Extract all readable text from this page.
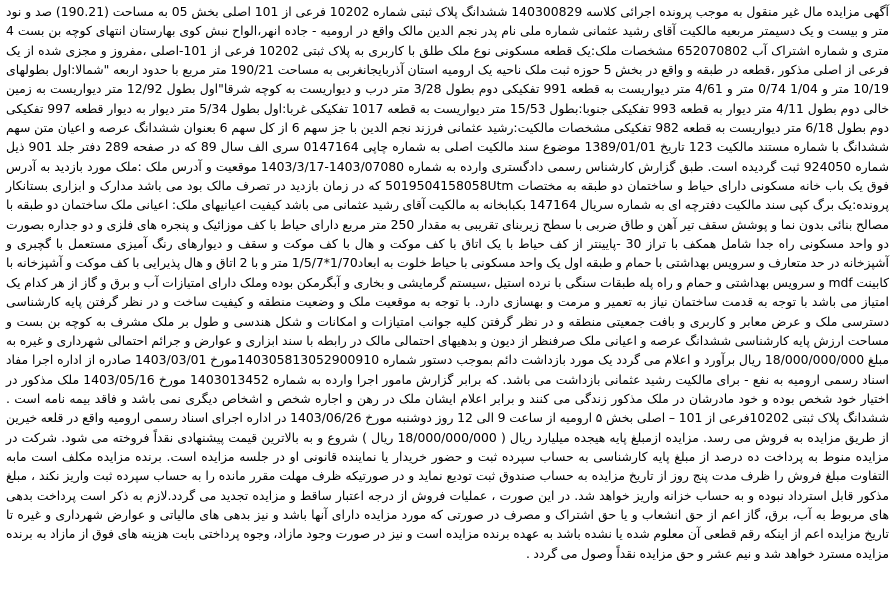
آگهی مزایده مال غیر منقول به موجب پرونده اجرائی کلاسه 140300829 ششدانگ پلاک ثبتی شماره 10202 فرعی از 101 اصلی بخش 05 به مساحت (190.21) صد و نود متر و بیست و یک دسیمتر مربعیه مالکیت آقای رشید عثمانی شماره ملی نام پدر نجم الدین مالک واقع در ارومیه - جاده انهر،الواح نبش کوی بهارستان انتهای کوچه بن بست 4 متری و شماره اشتراک آب 652070802 مشخصات ملک:یک قطعه مسکونی نوع ملک طلق با کاربری به پلاک ثبتی 10202 فرعی از 101-اصلی ،مفروز و مجزی شده از یک فرعی از اصلی مذکور ،قطعه در طبقه و واقع در بخش 5 حوزه ثبت ملک ناحیه یک ارومیه استان آذربایجانغربی به مساحت 190/21 متر مربع با حدود اربعه "شمالا:اول بطولهای 10/19 متر و 1/04 0/74 متر و 4/61 متر دیواریست به قطعه 991 تفکیکی دوم بطول 3/28 متر درب و دیواریست به کوچه شرقا"اول بطول 12/92 متر دیواریست به زمین خالی دوم بطول 4/11 متر دیوار به قطعه 993 تفکیکی جنوبا:بطول 15/53 متر دیواریست به قطعه 1017 تفکیکی غربا:اول بطول 5/34 متر دیوار به دیوار قطعه 997 تفکیکی دوم بطول 6/18 متر دیواریست به قطعه 982 تفکیکی مشخصات مالکیت:رشید عثمانی فرزند نجم الدین با جز سهم 6 از کل سهم 6 بعنوان ششدانگ عرصه و اعیان متن سهم ششدانگ با شماره مستند مالکیت 123 تاریخ 1389/01/01 موضوع سند مالکیت اصلی به شماره چاپی 0147164 سری الف سال 89 که در صفحه 289 دفتر جلد 901 ذیل شماره 924050 ثبت گردیده است. طبق گزارش کارشناس رسمی دادگستری وارده به شماره 1403/07080-1403/3/17 موقعیت و آدرس ملک :ملک مورد بازدید به آدرس فوق یک باب خانه مسکونی دارای حیاط و ساختمان دو طبقه به مختصات 5019504158058Utm که در زمان بازدید در تصرف مالک بود می باشد مدارک و ابزاری بستانکار پرونده:یک برگ کپی سند مالکیت دفترچه ای به شماره سریال 147164 بکبابخانه به مالکیت آقای رشید عثمانی می باشد کیفیت اعیانیهای ملک: اعیانی ملک ساختمان دو طبقه با مصالح بنائی بدون نما و پوشش سقف تیر آهن و طاق ضربی با سطح زیربنای تقریبی به مقدار 250 متر مربع دارای حیاط با کف موزائیک و پنجره های فلزی و دو جداره بصورت دو واحد مسکونی راه جدا شامل همکف با تراز 30 -پایینتر از کف حیاط با یک اتاق با کف موکت و هال با کف موکت و سقف و دیوارهای رنگ آمیزی مستعمل با گچبری و آشپزخانه در حد متعارف و سرویس بهداشتی با حمام و طبقه اول یک واحد مسکونی با حیاط خلوت به ابعاد1/70*1/5/7 متر و با 2 اتاق و هال پذیرایی با کف موکت و آشپزخانه با کابینت mdf و سرویس بهداشتی و حمام و راه پله طبقات سنگی با نرده استیل ،سیستم گرمایشی و بخاری و آبگرمکن بوده وملک دارای امتیازات آب و برق و گاز از هر کدام یک امتیاز می باشد با توجه به قدمت ساختمان نیاز به تعمیر و مرمت و بهسازی دارد. با توجه به موقعیت ملک و وضعیت منطقه و کیفیت ساخت و در نظر گرفتن پایه کارشناسی دسترسی ملک و عرض معابر و کاربری و بافت جمعیتی منطقه و در نظر گرفتن کلیه جوانب امتیازات و امکانات و شکل هندسی و طول بر ملک مشرف به کوچه بن بست و مساحت ارزش پایه کارشناسی ششدانگ عرصه و اعیانی ملک صرفنظر از دیون و بدهیهای احتمالی مالک در رابطه با سند ابزاری و عوارض و جرائم احتمالی شهرداری و غیره به مبلغ 18/000/000/000 ریال برآورد و اعلام می گردد یک مورد بازداشت دائم بموجب دستور شماره 140305813052900910مورخ 1403/03/01 صادره از اداره اجرا مفاد اسناد رسمی ارومیه به نفع - برای مالکیت رشید عثمانی بازداشت می باشد. که برابر گزارش مامور اجرا وارده به شماره 1403013452 مورخ 1403/05/16 ملک مذکور در اختیار خود شخص بوده و خود مادرشان در ملک مذکور زندگی می کنند و برابر اعلام ایشان ملک در رهن و اجاره شخص و اشخاص دیگری نمی باشد و فاقد بیمه نامه است . ششدانگ پلاک ثبتی 10202فرعی از 101 – اصلی بخش ۵ ارومیه از ساعت 9 الی 12 روز دوشنبه مورخ 1403/06/26 در اداره اجرای اسناد رسمی ارومیه واقع در قلعه خیرین از طریق مزایده به فروش می رسد. مزایده ازمبلغ پایه هیجده میلیارد ریال ( 18/000/000/000 ریال ) شروع و به بالاترین قیمت پیشنهادی نقداً فروخته می شود. شرکت در مزایده منوط به پرداخت ده درصد از مبلغ پایه کارشناسی به حساب سپرده ثبت و حضور خریدار یا نماینده قانونی او در جلسه مزایده است. برنده مزایده مکلف است مابه التفاوت مبلغ فروش را ظرف مدت پنج روز از تاریخ مزایده به حساب صندوق ثبت تودیع نماید و در صورتیکه ظرف مهلت مقرر مانده را به حساب سپرده ثبت واریز نکند ، مبلغ مذکور قابل استرداد نبوده و به حساب خزانه واریز خواهد شد. در این صورت ، عملیات فروش از درجه اعتبار ساقط و مزایده تجدید می گردد.لازم به ذکر است پرداخت بدهی های مربوط به آب، برق، گاز اعم از حق انشعاب و یا حق اشتراک و مصرف در صورتی که مورد مزایده دارای آنها باشد و نیز بدهی های مالیاتی و عوارض شهرداری و غیره تا تاریخ مزایده اعم از اینکه رقم قطعی آن معلوم شده یا نشده باشد به عهده برنده مزایده است و نیز در صورت وجود مازاد، وجوه پرداختی بابت هزینه های فوق از مازاد به برنده مزایده مسترد خواهد شد و نیم عشر و حق مزایده نقداً وصول می گردد .
